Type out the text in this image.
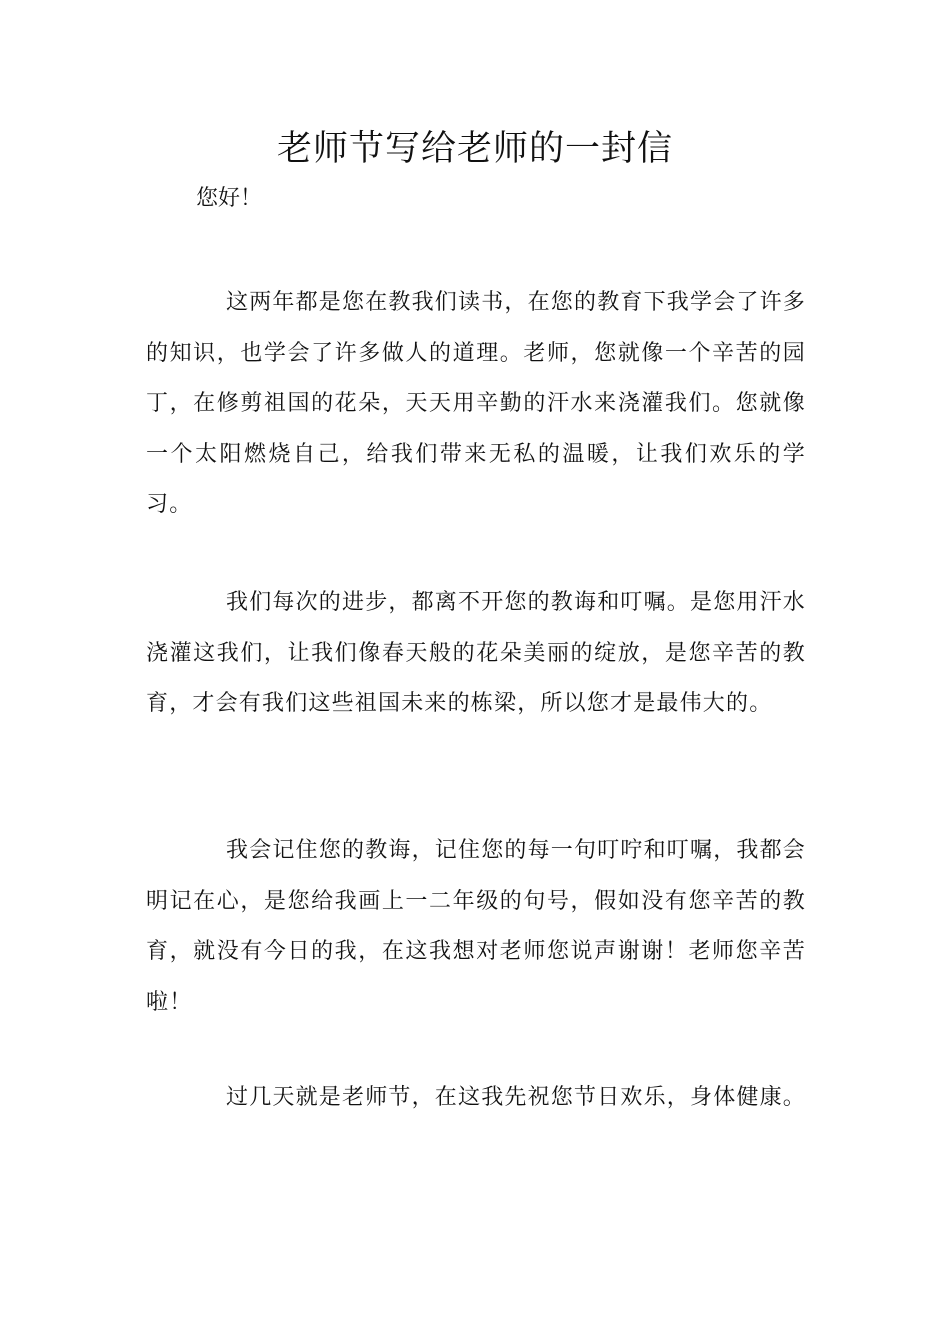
老师节写给老师的一封信

您好！

这两年都是您在教我们读书，在您的教育下我学会了许多的知识，也学会了许多做人的道理。老师，您就像一个辛苦的园丁，在修剪祖国的花朵，天天用辛勤的汗水来浇灌我们。您就像一个太阳燃烧自己，给我们带来无私的温暖，让我们欢乐的学习。

我们每次的进步，都离不开您的教诲和叮嘱。是您用汗水浇灌这我们，让我们像春天般的花朵美丽的绽放，是您辛苦的教育，才会有我们这些祖国未来的栋梁，所以您才是最伟大的。

我会记住您的教诲，记住您的每一句叮咛和叮嘱，我都会明记在心，是您给我画上一二年级的句号，假如没有您辛苦的教育，就没有今日的我，在这我想对老师您说声谢谢！老师您辛苦啦！

过几天就是老师节，在这我先祝您节日欢乐，身体健康。
